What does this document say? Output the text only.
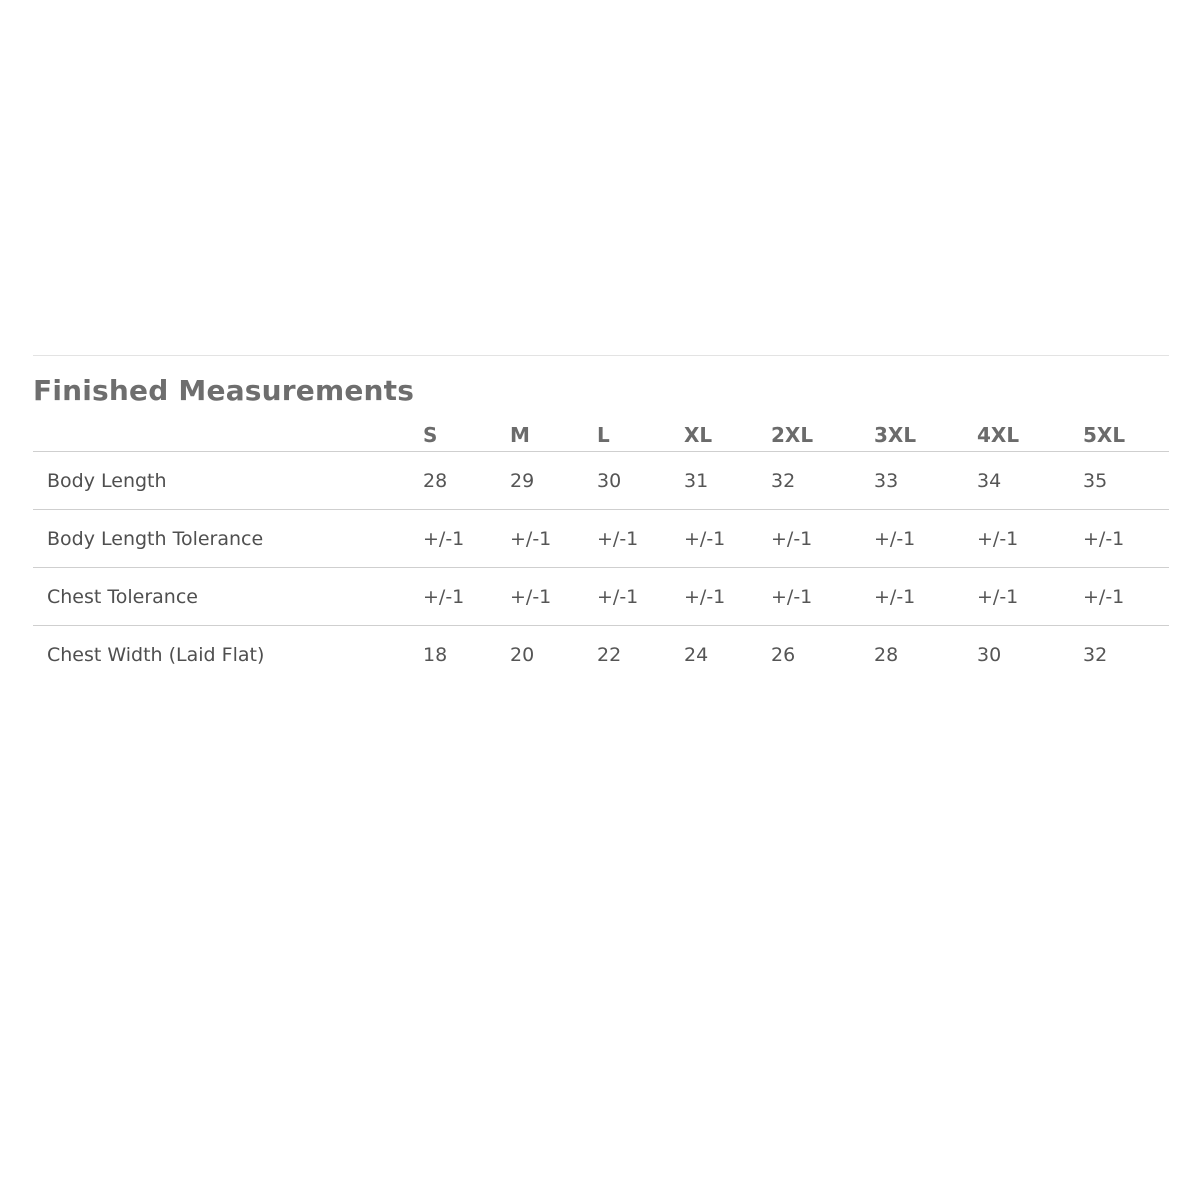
Finished Measurements
	S	M	L	XL	2XL	3XL	4XL	5XL
Body Length	28	29	30	31	32	33	34	35
Body Length Tolerance	+/-1	+/-1	+/-1	+/-1	+/-1	+/-1	+/-1	+/-1
Chest Tolerance	+/-1	+/-1	+/-1	+/-1	+/-1	+/-1	+/-1	+/-1
Chest Width (Laid Flat)	18	20	22	24	26	28	30	32
